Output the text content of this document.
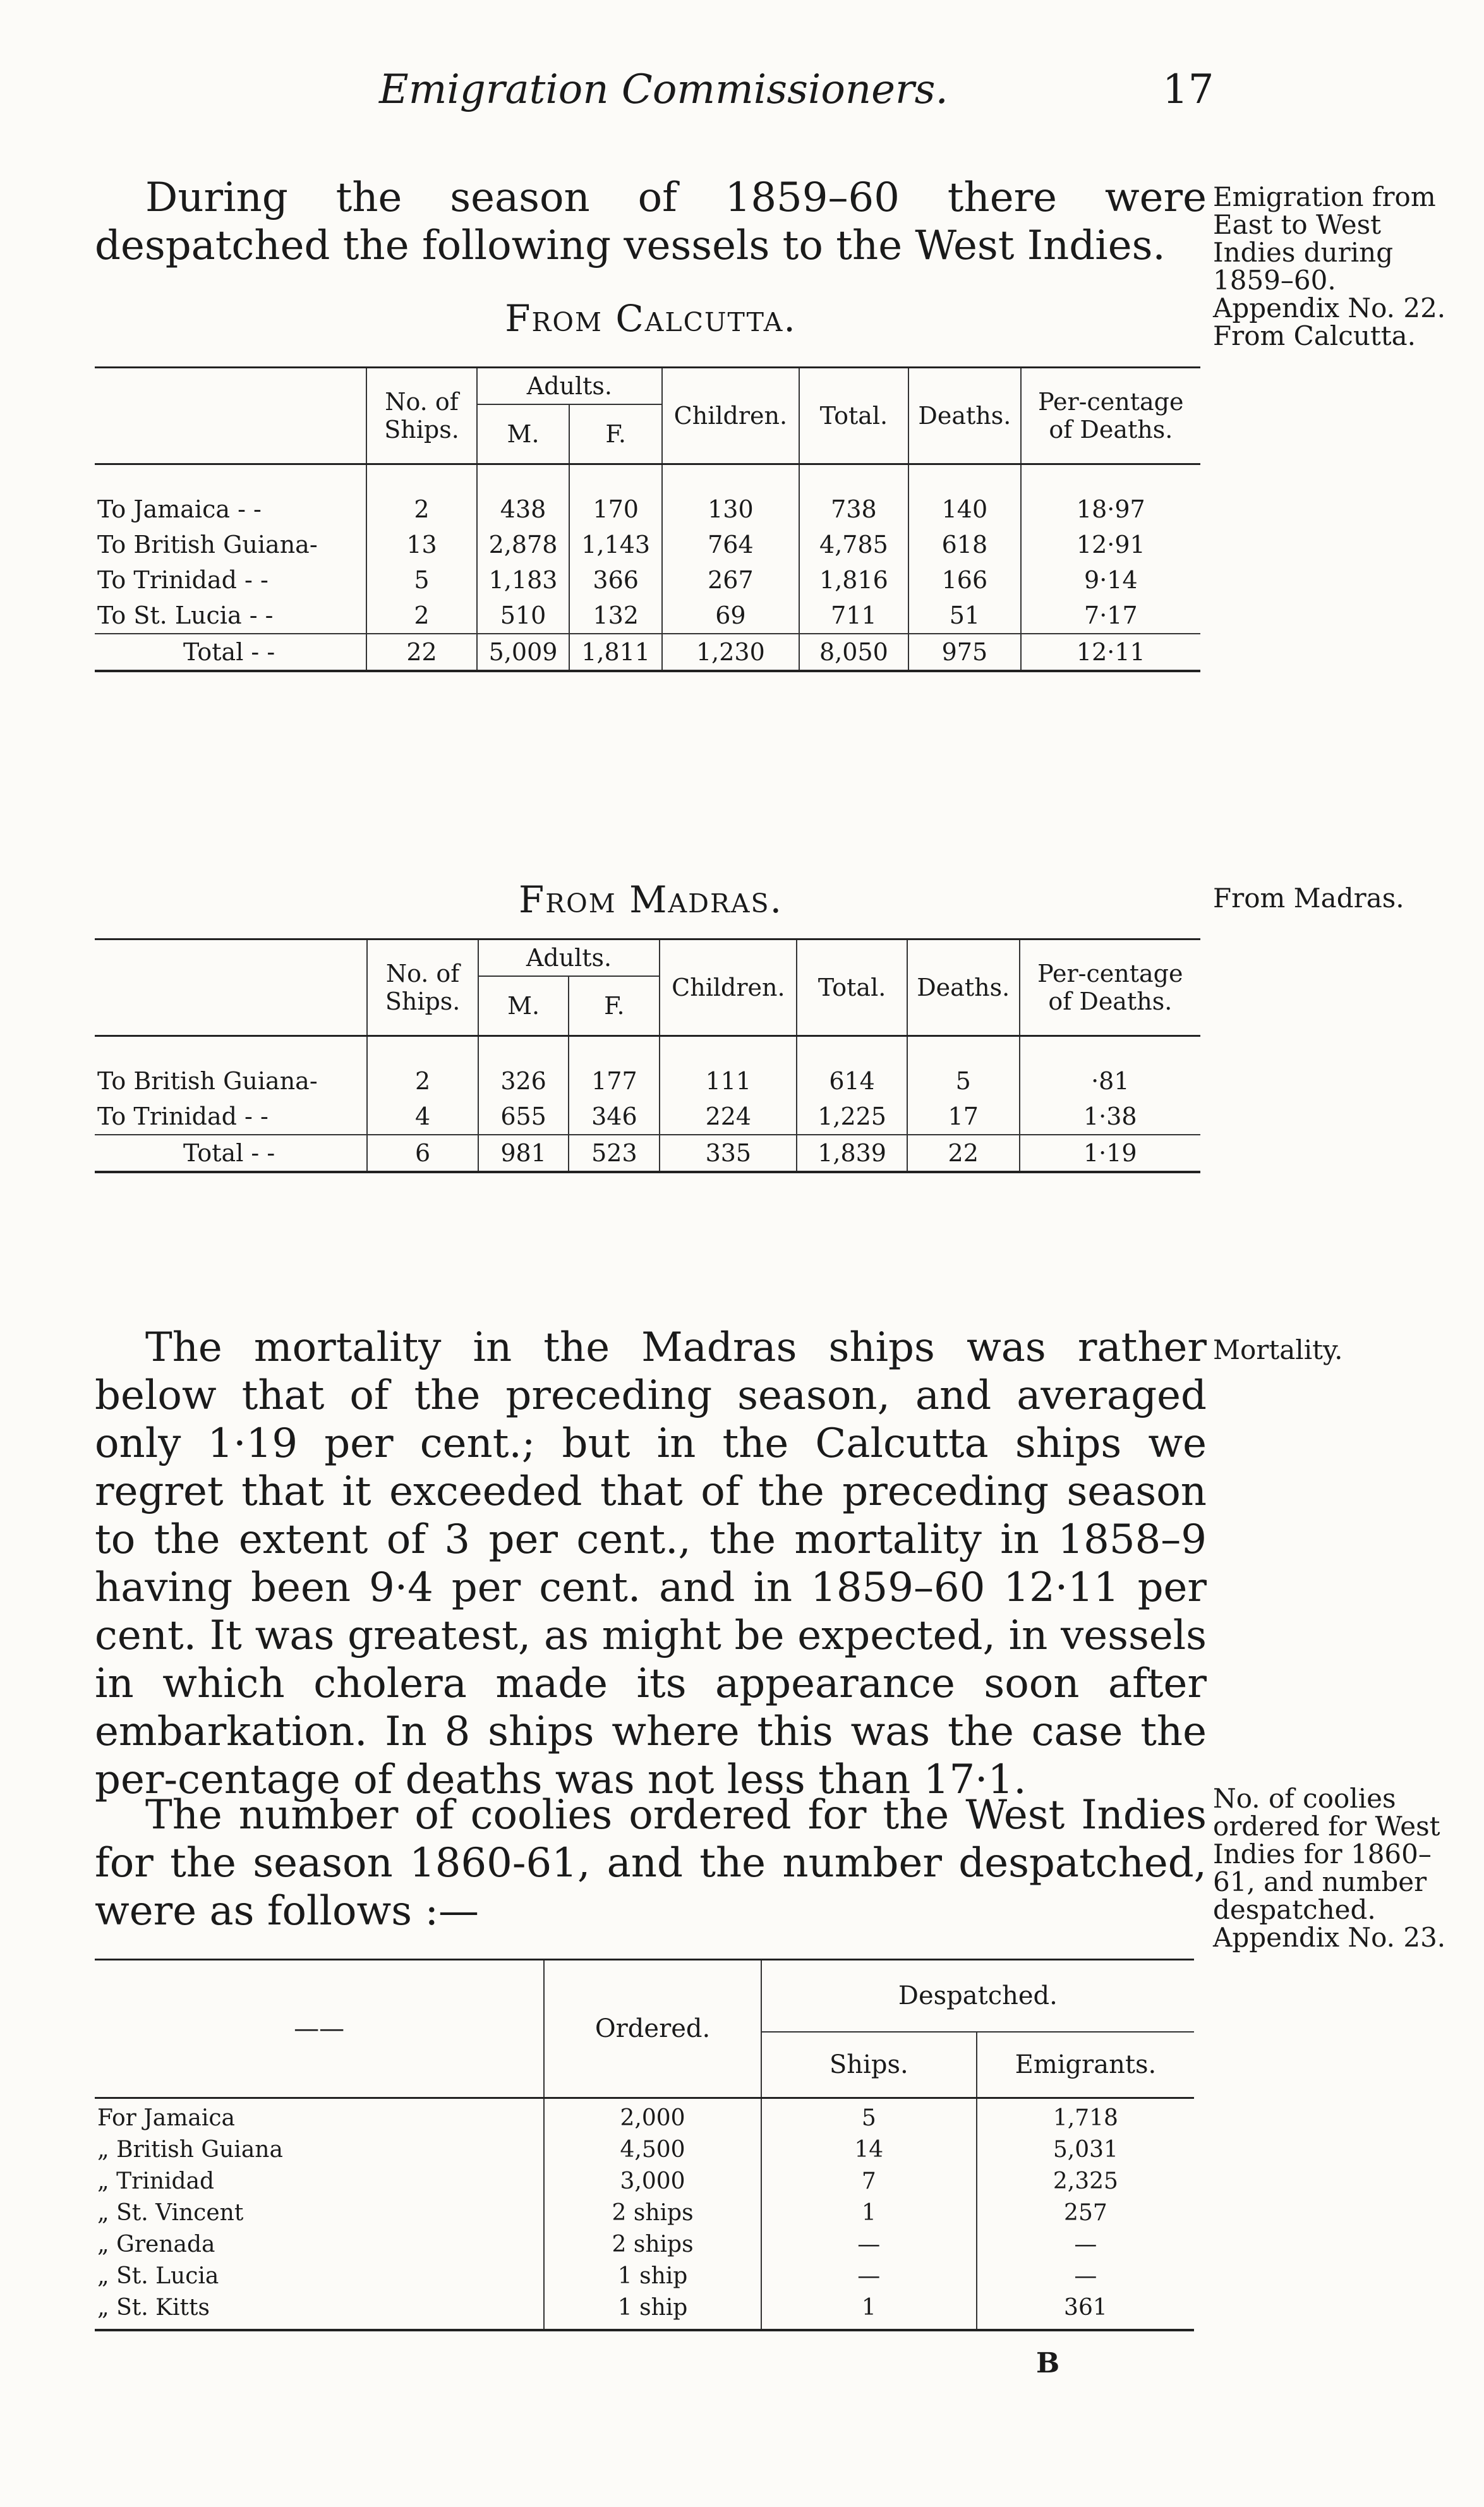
Emigration Commissioners.	17

During the season of 1859–60 there were despatched the following vessels to the West Indies.

Emigration from East to West Indies during 1859–60. Appendix No. 22. From Calcutta.
From Calcutta.
	No. of Ships.	Adults.		Children.	Total.	Deaths.	Per-centage of Deaths.
		M.	F.				

To Jamaica - -	2	438	170	130	738	140	18·97
To British Guiana-	13	2,878	1,143	764	4,785	618	12·91
To Trinidad - -	5	1,183	366	267	1,816	166	9·14
To St. Lucia - -	2	510	132	69	711	51	7·17
Total - -	22	5,009	1,811	1,230	8,050	975	12·11
From Madras.	From Madras.
	No. of Ships.	Adults.		Children.	Total.	Deaths.	Per-centage of Deaths.
		M.	F.				

To British Guiana-	2	326	177	111	614	5	·81
To Trinidad - -	4	655	346	224	1,225	17	1·38
Total - -	6	981	523	335	1,839	22	1·19

The mortality in the Madras ships was rather below that of the preceding season, and averaged only 1·19 per cent.; but in the Calcutta ships we regret that it exceeded that of the preceding season to the extent of 3 per cent., the mortality in 1858–9 having been 9·4 per cent. and in 1859–60 12·11 per cent. It was greatest, as might be expected, in vessels in which cholera made its appearance soon after embarkation. In 8 ships where this was the case the per-centage of deaths was not less than 17·1.

Mortality.

The number of coolies ordered for the West Indies for the season 1860-61, and the number despatched, were as follows :—

No. of coolies ordered for West Indies for 1860–61, and number despatched. Appendix No. 23.
——	Ordered.	Despatched.	
		Ships.	Emigrants.
For Jamaica	2,000	5	1,718
„ British Guiana	4,500	14	5,031
„ Trinidad	3,000	7	2,325
„ St. Vincent	2 ships	1	257
„ Grenada	2 ships	—	—
„ St. Lucia	1 ship	—	—
„ St. Kitts	1 ship	1	361
B
